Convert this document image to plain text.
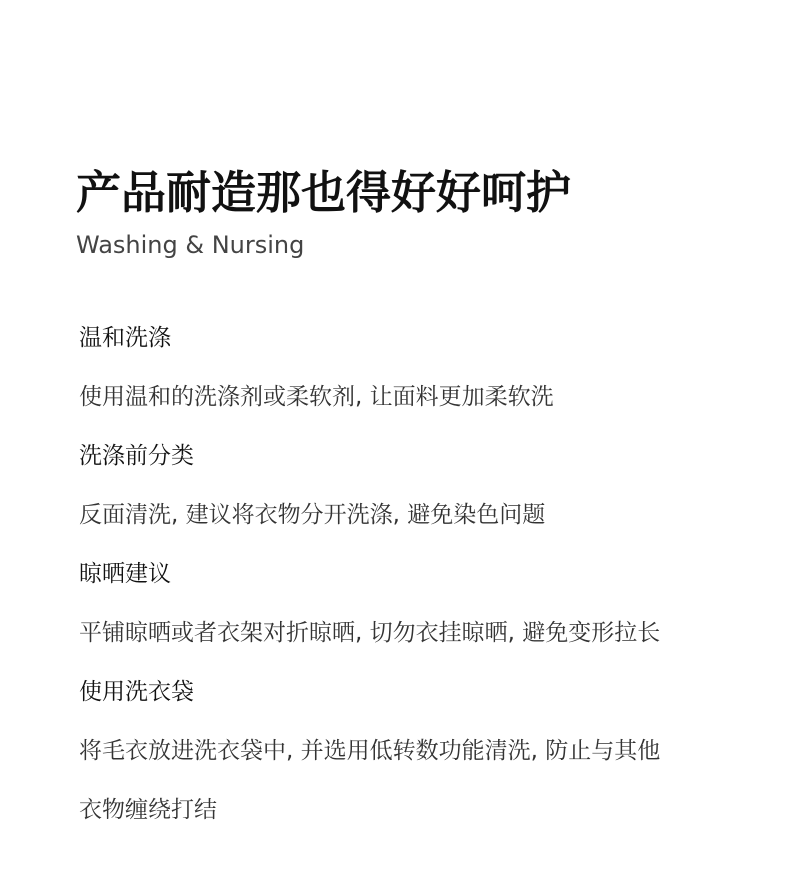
产品耐造那也得好好呵护
Washing & Nursing
温和洗涤
使用温和的洗涤剂或柔软剂, 让面料更加柔软洗
洗涤前分类
反面清洗, 建议将衣物分开洗涤, 避免染色问题
晾晒建议
平铺晾晒或者衣架对折晾晒, 切勿衣挂晾晒, 避免变形拉长
使用洗衣袋
将毛衣放进洗衣袋中, 并选用低转数功能清洗, 防止与其他
衣物缠绕打结
